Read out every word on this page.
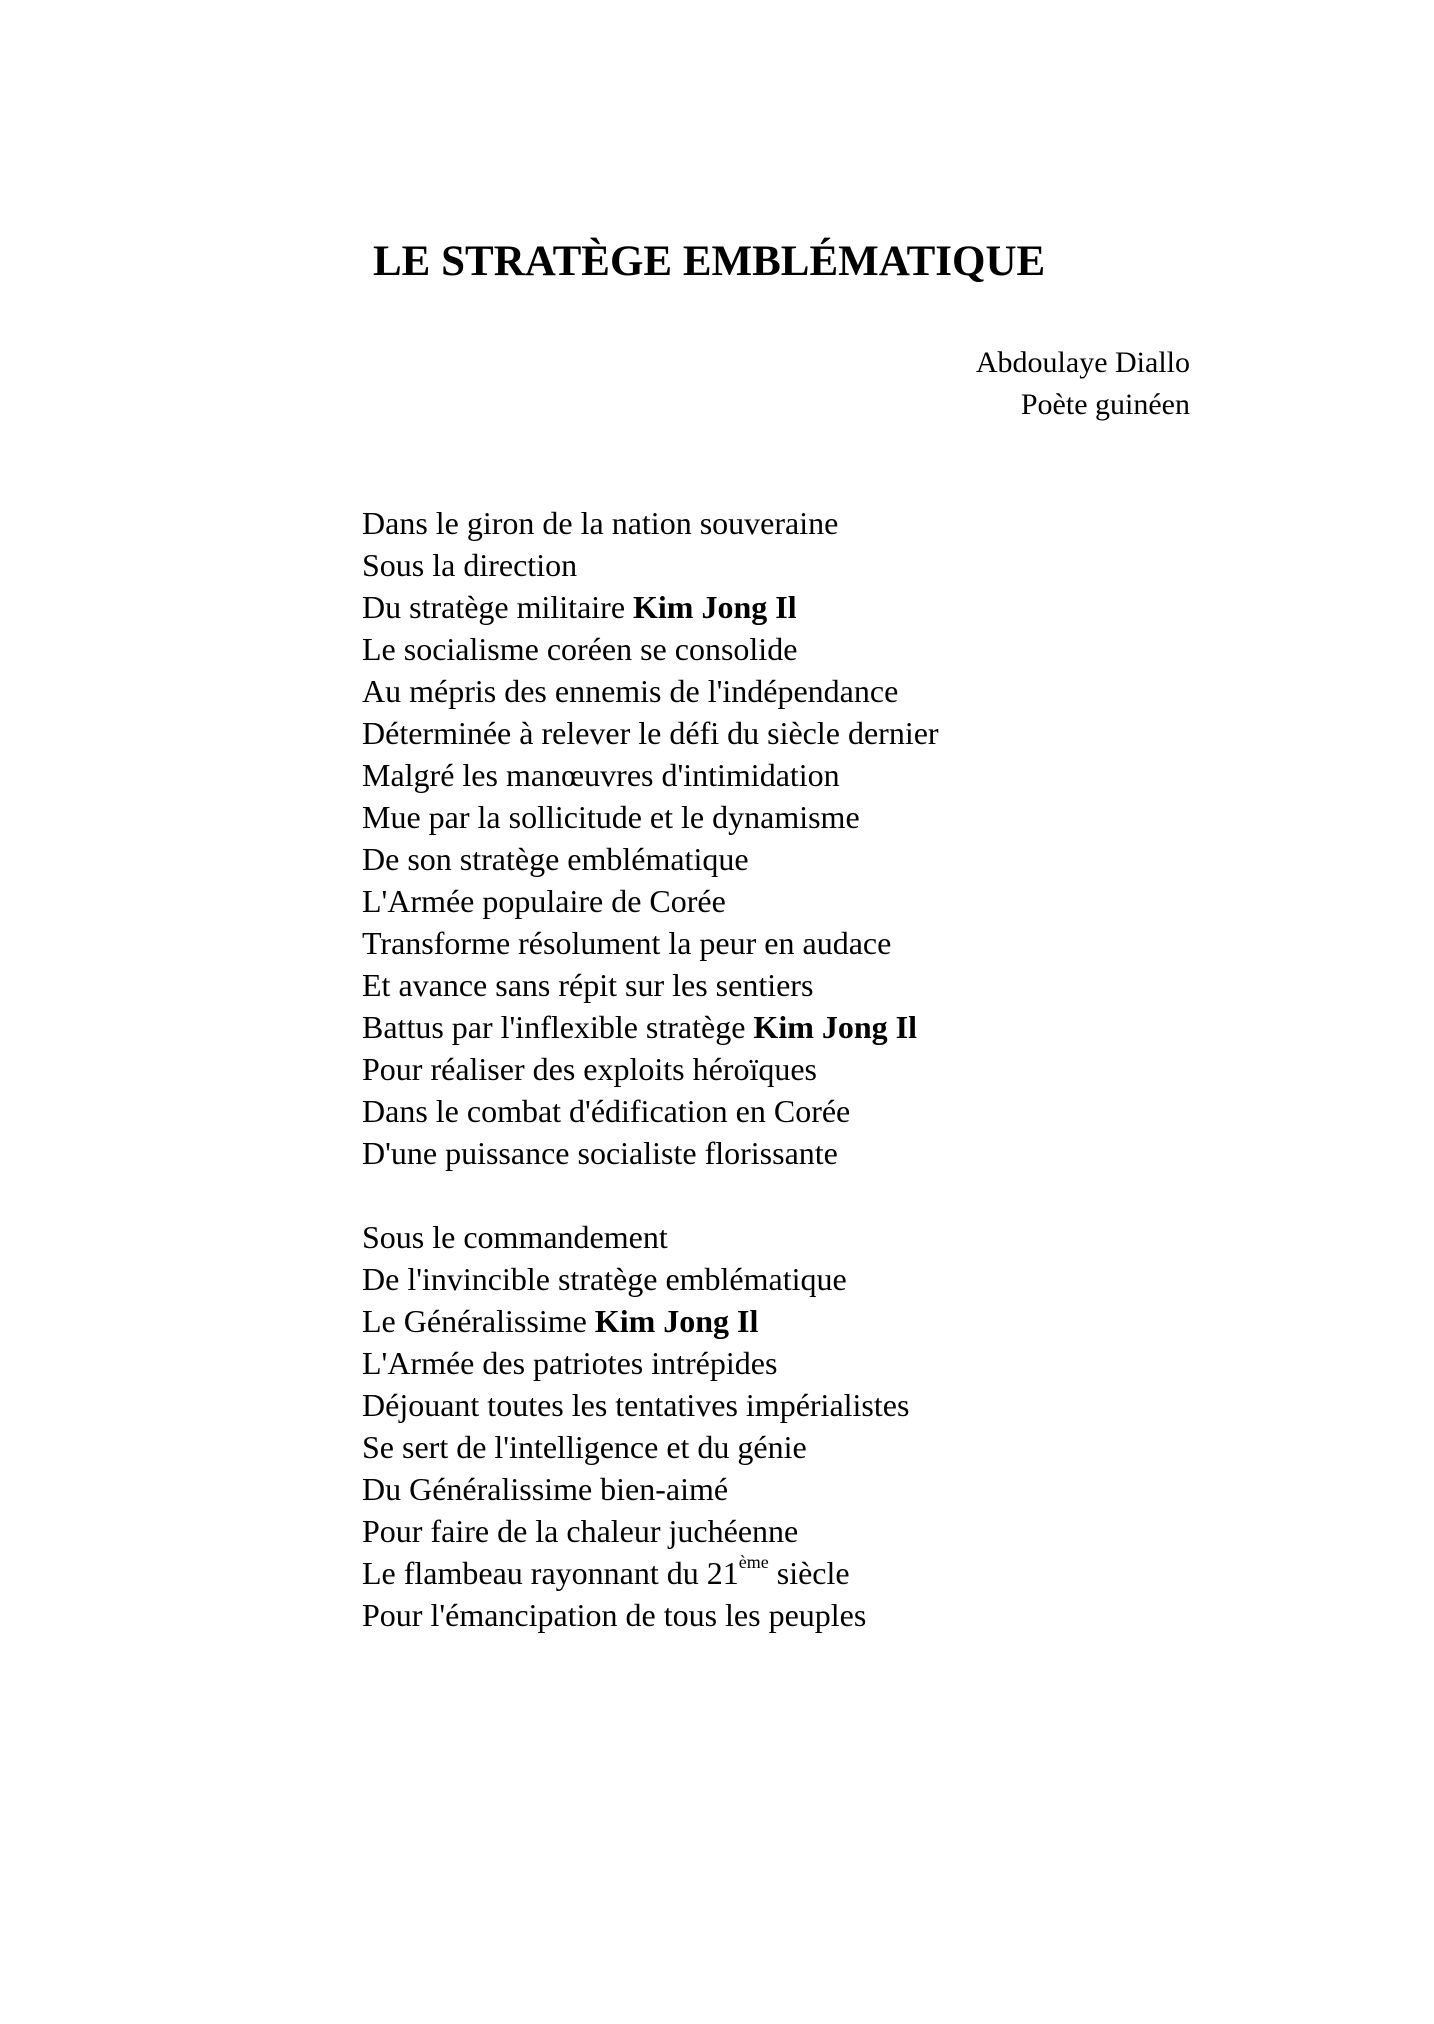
LE STRATÈGE EMBLÉMATIQUE
Abdoulaye Diallo
Poète guinéen
Dans le giron de la nation souveraine
Sous la direction
Du stratège militaire Kim Jong Il
Le socialisme coréen se consolide
Au mépris des ennemis de l'indépendance
Déterminée à relever le défi du siècle dernier
Malgré les manœuvres d'intimidation
Mue par la sollicitude et le dynamisme
De son stratège emblématique
L'Armée populaire de Corée
Transforme résolument la peur en audace
Et avance sans répit sur les sentiers
Battus par l'inflexible stratège Kim Jong Il
Pour réaliser des exploits héroïques
Dans le combat d'édification en Corée
D'une puissance socialiste florissante
Sous le commandement
De l'invincible stratège emblématique
Le Généralissime Kim Jong Il
L'Armée des patriotes intrépides
Déjouant toutes les tentatives impérialistes
Se sert de l'intelligence et du génie
Du Généralissime bien-aimé
Pour faire de la chaleur juchéenne
Le flambeau rayonnant du 21ème siècle
Pour l'émancipation de tous les peuples
